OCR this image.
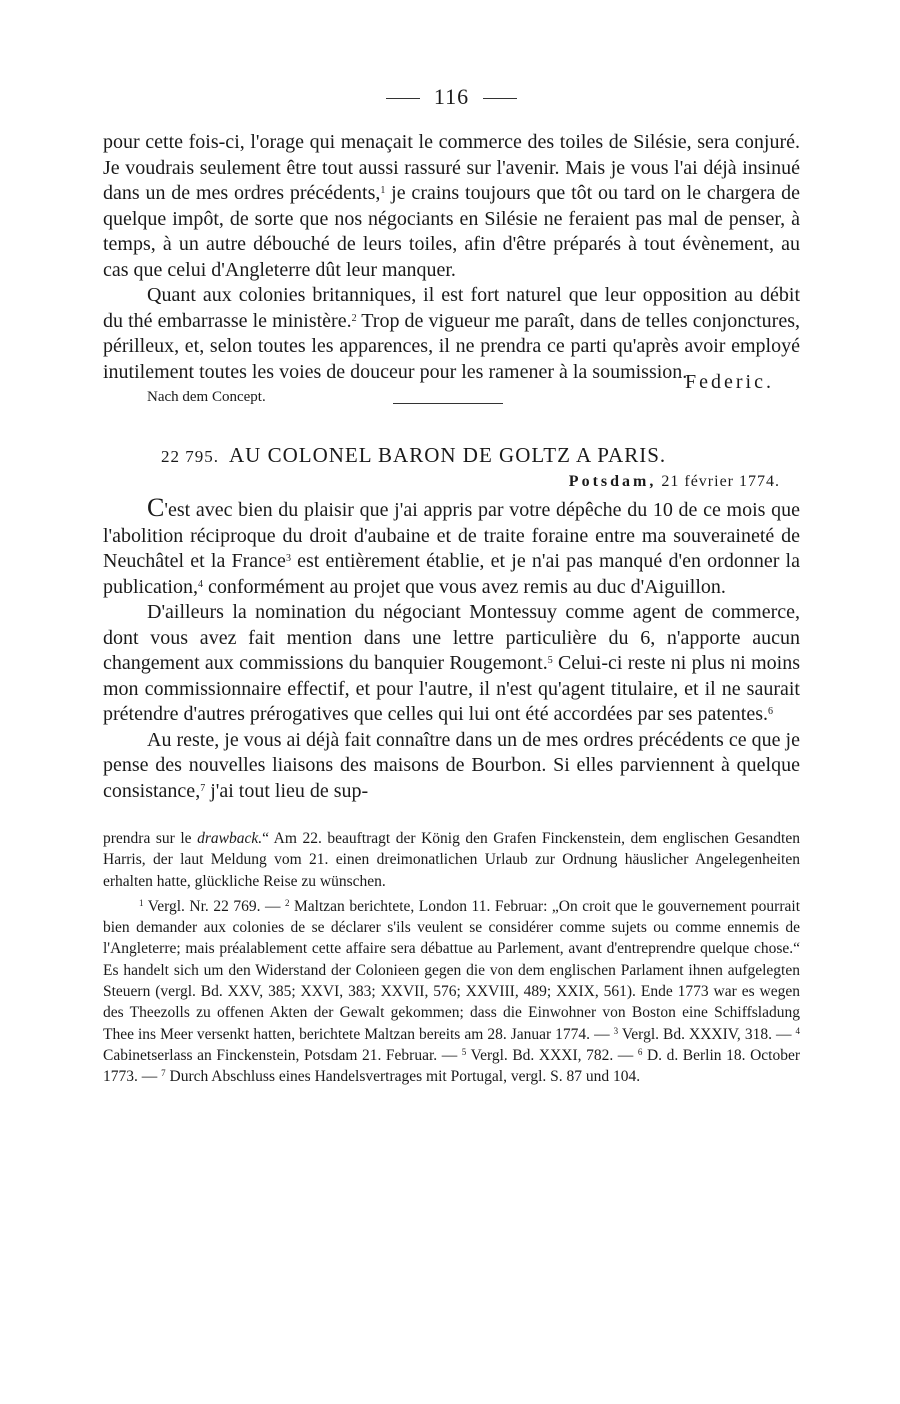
116

pour cette fois-ci, l'orage qui menaçait le commerce des toiles de Silésie, sera conjuré. Je voudrais seulement être tout aussi rassuré sur l'avenir. Mais je vous l'ai déjà insinué dans un de mes ordres précédents,$^1$ je crains toujours que tôt ou tard on le chargera de quelque impôt, de sorte que nos négociants en Silésie ne feraient pas mal de penser, à temps, à un autre débouché de leurs toiles, afin d'être préparés à tout évènement, au cas que celui d'Angleterre dût leur manquer.

Quant aux colonies britanniques, il est fort naturel que leur opposition au débit du thé embarrasse le ministère.$^2$ Trop de vigueur me paraît, dans de telles conjonctures, périlleux, et, selon toutes les apparences, il ne prendra ce parti qu'après avoir employé inutilement toutes les voies de douceur pour les ramener à la soumission.

Nach dem Concept.
Federic.
22 795. AU COLONEL BARON DE GOLTZ A PARIS.
Potsdam, 21 février 1774.

C'est avec bien du plaisir que j'ai appris par votre dépêche du 10 de ce mois que l'abolition réciproque du droit d'aubaine et de traite foraine entre ma souveraineté de Neuchâtel et la France$^3$ est entièrement établie, et je n'ai pas manqué d'en ordonner la publication,$^4$ conformément au projet que vous avez remis au duc d'Aiguillon.

D'ailleurs la nomination du négociant Montessuy comme agent de commerce, dont vous avez fait mention dans une lettre particulière du 6, n'apporte aucun changement aux commissions du banquier Rougemont.$^5$ Celui-ci reste ni plus ni moins mon commissionnaire effectif, et pour l'autre, il n'est qu'agent titulaire, et il ne saurait prétendre d'autres prérogatives que celles qui lui ont été accordées par ses patentes.$^6$

Au reste, je vous ai déjà fait connaître dans un de mes ordres précédents ce que je pense des nouvelles liaisons des maisons de Bourbon. Si elles parviennent à quelque consistance,$^7$ j'ai tout lieu de sup-

prendra sur le drawback.“ Am 22. beauftragt der König den Grafen Finckenstein, dem englischen Gesandten Harris, der laut Meldung vom 21. einen dreimonatlichen Urlaub zur Ordnung häuslicher Angelegenheiten erhalten hatte, glückliche Reise zu wünschen.

$^1$ Vergl. Nr. 22 769. — $^2$ Maltzan berichtete, London 11. Februar: „On croit que le gouvernement pourrait bien demander aux colonies de se déclarer s'ils veulent se considérer comme sujets ou comme ennemis de l'Angleterre; mais préalablement cette affaire sera débattue au Parlement, avant d'entreprendre quelque chose.“ Es handelt sich um den Widerstand der Colonieen gegen die von dem englischen Parlament ihnen aufgelegten Steuern (vergl. Bd. XXV, 385; XXVI, 383; XXVII, 576; XXVIII, 489; XXIX, 561). Ende 1773 war es wegen des Theezolls zu offenen Akten der Gewalt gekommen; dass die Einwohner von Boston eine Schiffsladung Thee ins Meer versenkt hatten, berichtete Maltzan bereits am 28. Januar 1774. — $^3$ Vergl. Bd. XXXIV, 318. — $^4$ Cabinetserlass an Finckenstein, Potsdam 21. Februar. — $^5$ Vergl. Bd. XXXI, 782. — $^6$ D. d. Berlin 18. October 1773. — $^7$ Durch Abschluss eines Handelsvertrages mit Portugal, vergl. S. 87 und 104.
